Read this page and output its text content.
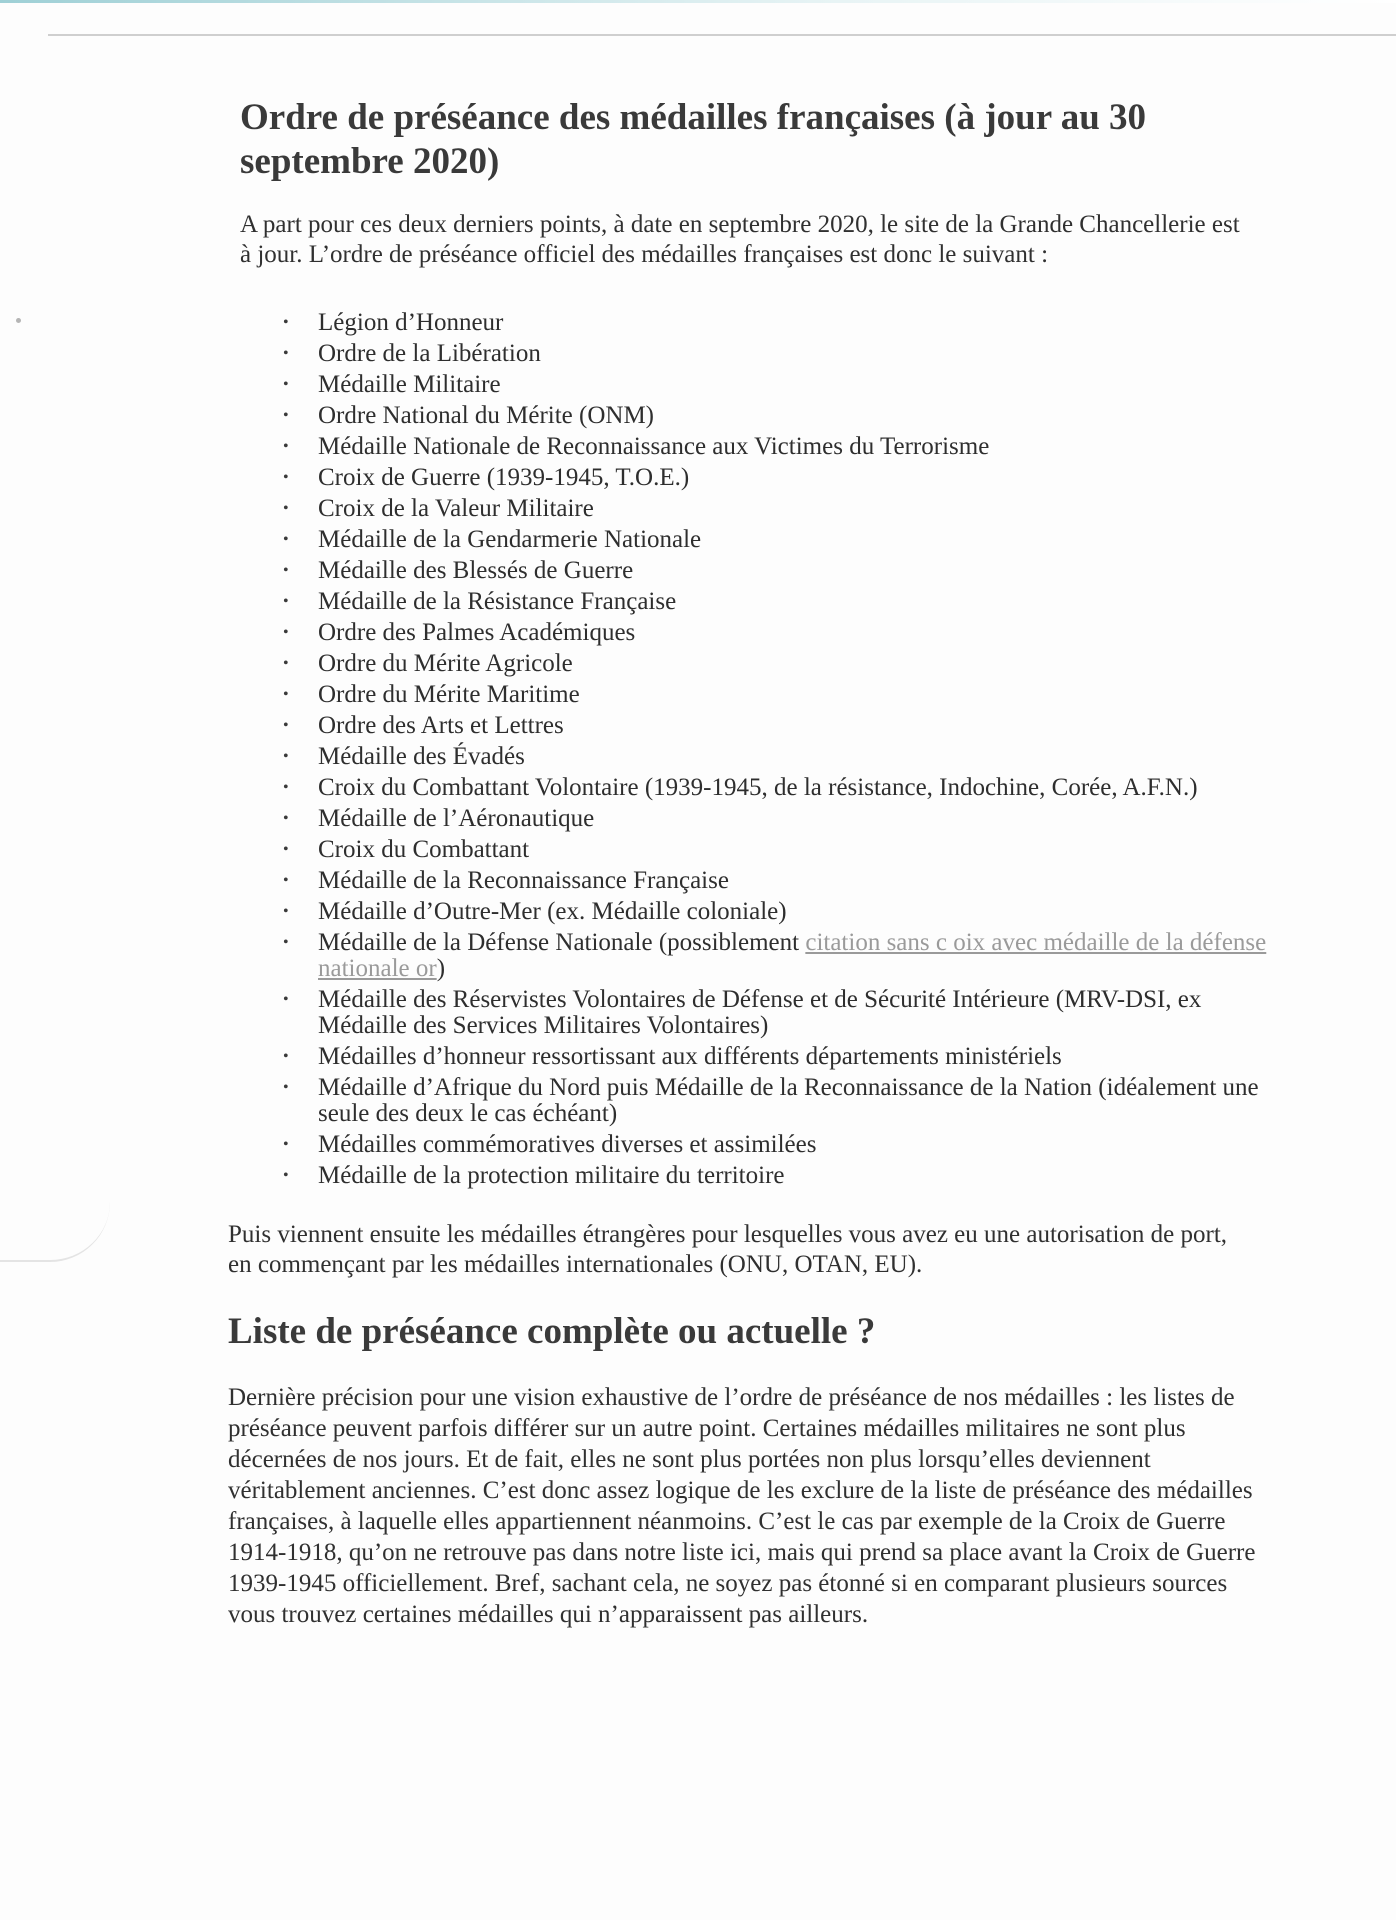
Ordre de préséance des médailles françaises (à jour au 30 septembre 2020)

A part pour ces deux derniers points, à date en septembre 2020, le site de la Grande Chancellerie est à jour. L’ordre de préséance officiel des médailles françaises est donc le suivant :

• Légion d’Honneur
• Ordre de la Libération
• Médaille Militaire
• Ordre National du Mérite (ONM)
• Médaille Nationale de Reconnaissance aux Victimes du Terrorisme
• Croix de Guerre (1939-1945, T.O.E.)
• Croix de la Valeur Militaire
• Médaille de la Gendarmerie Nationale
• Médaille des Blessés de Guerre
• Médaille de la Résistance Française
• Ordre des Palmes Académiques
• Ordre du Mérite Agricole
• Ordre du Mérite Maritime
• Ordre des Arts et Lettres
• Médaille des Évadés
• Croix du Combattant Volontaire (1939-1945, de la résistance, Indochine, Corée, A.F.N.)
• Médaille de l’Aéronautique
• Croix du Combattant
• Médaille de la Reconnaissance Française
• Médaille d’Outre-Mer (ex. Médaille coloniale)
• Médaille de la Défense Nationale (possiblement citation sans c oix avec médaille de la défense nationale or)
• Médaille des Réservistes Volontaires de Défense et de Sécurité Intérieure (MRV-DSI, ex Médaille des Services Militaires Volontaires)
• Médailles d’honneur ressortissant aux différents départements ministériels
• Médaille d’Afrique du Nord puis Médaille de la Reconnaissance de la Nation (idéalement une seule des deux le cas échéant)
• Médailles commémoratives diverses et assimilées
• Médaille de la protection militaire du territoire

Puis viennent ensuite les médailles étrangères pour lesquelles vous avez eu une autorisation de port, en commençant par les médailles internationales (ONU, OTAN, EU).

Liste de préséance complète ou actuelle ?

Dernière précision pour une vision exhaustive de l’ordre de préséance de nos médailles : les listes de préséance peuvent parfois différer sur un autre point. Certaines médailles militaires ne sont plus décernées de nos jours. Et de fait, elles ne sont plus portées non plus lorsqu’elles deviennent véritablement anciennes. C’est donc assez logique de les exclure de la liste de préséance des médailles françaises, à laquelle elles appartiennent néanmoins. C’est le cas par exemple de la Croix de Guerre 1914-1918, qu’on ne retrouve pas dans notre liste ici, mais qui prend sa place avant la Croix de Guerre 1939-1945 officiellement. Bref, sachant cela, ne soyez pas étonné si en comparant plusieurs sources vous trouvez certaines médailles qui n’apparaissent pas ailleurs.
